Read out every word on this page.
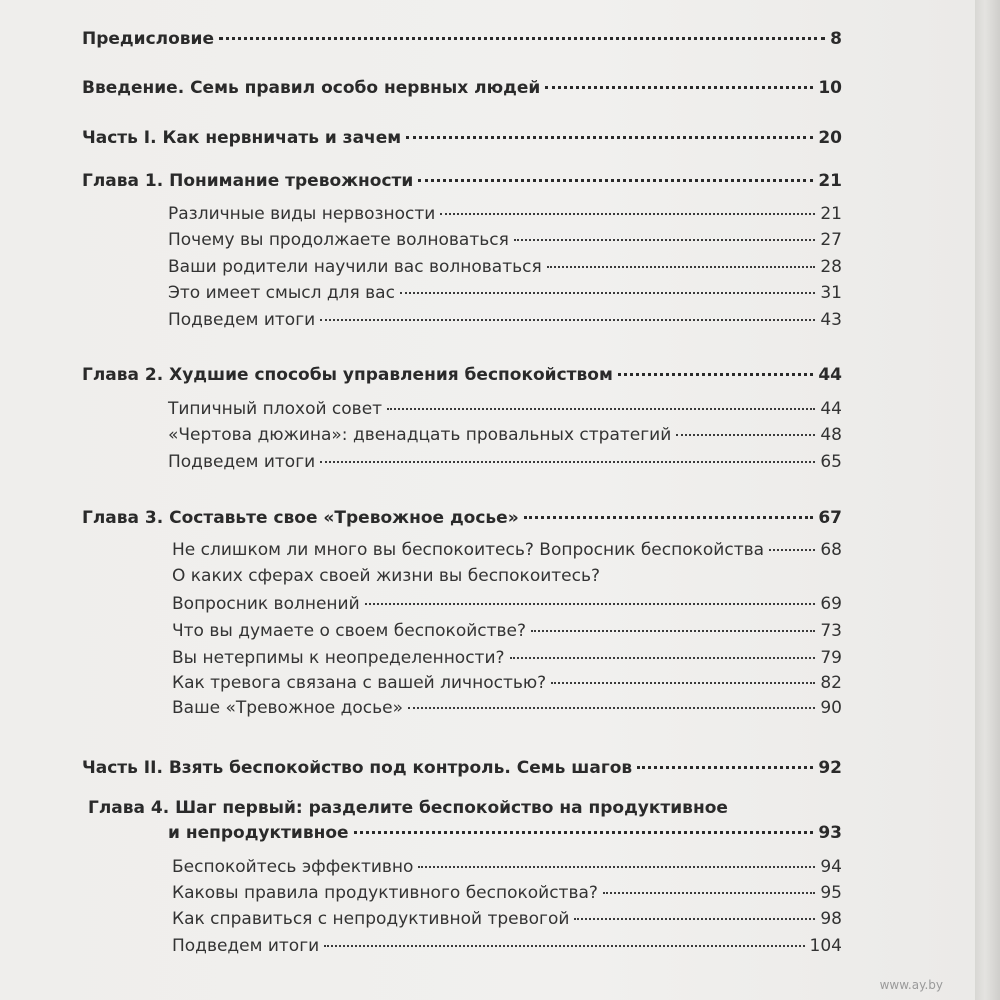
Предисловие	8
Введение. Семь правил особо нервных людей	10
Часть I. Как нервничать и зачем	20
Глава 1. Понимание тревожности	21
Различные виды нервозности	21
Почему вы продолжаете волноваться	27
Ваши родители научили вас волноваться	28
Это имеет смысл для вас	31
Подведем итоги	43
Глава 2. Худшие способы управления беспокойством	44
Типичный плохой совет	44
«Чертова дюжина»: двенадцать провальных стратегий	48
Подведем итоги	65
Глава 3. Составьте свое «Тревожное досье»	67
Не слишком ли много вы беспокоитесь? Вопросник беспокойства	68
О каких сферах своей жизни вы беспокоитесь?
Вопросник волнений	69
Что вы думаете о своем беспокойстве?	73
Вы нетерпимы к неопределенности?	79
Как тревога связана с вашей личностью?	82
Ваше «Тревожное досье»	90
Часть II. Взять беспокойство под контроль. Семь шагов	92
Глава 4. Шаг первый: разделите беспокойство на продуктивное
и непродуктивное	93
Беспокойтесь эффективно	94
Каковы правила продуктивного беспокойства?	95
Как справиться с непродуктивной тревогой	98
Подведем итоги	104
www.ay.by
